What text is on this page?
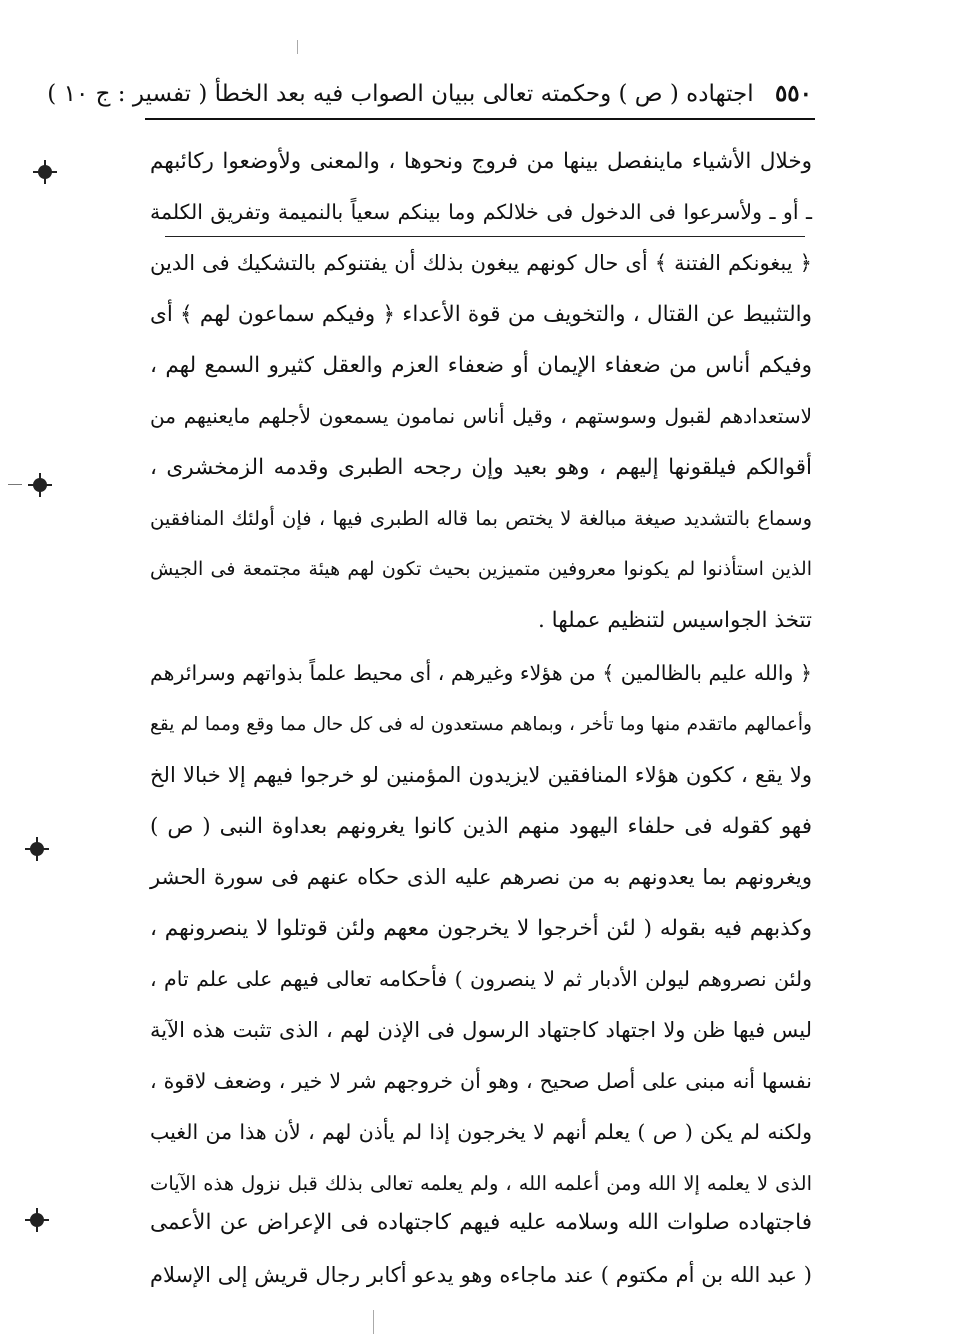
٥٥٠ اجتهاده ( ص ) وحكمته تعالى ببيان الصواب فيه بعد الخطأ ( تفسير : ج ١٠ )
وخلال الأشياء ماينفصل بينها من فروج ونحوها ، والمعنى ولأوضعوا ركائبهم
ـ أو ـ ولأسرعوا فى الدخول فى خلالكم وما بينكم سعياً بالنميمة وتفريق الكلمة
﴿ يبغونكم الفتنة ﴾ أى حال كونهم يبغون بذلك أن يفتنوكم بالتشكيك فى الدين
والتثبيط عن القتال ، والتخويف من قوة الأعداء ﴿ وفيكم سماعون لهم ﴾ أى
وفيكم أناس من ضعفاء الإيمان أو ضعفاء العزم والعقل كثيرو السمع لهم ،
لاستعدادهم لقبول وسوستهم ، وقيل أناس نمامون يسمعون لأجلهم مايعنيهم من
أقوالكم فيلقونها إليهم ، وهو بعيد وإن رجحه الطبرى وقدمه الزمخشرى ،
وسماع بالتشديد صيغة مبالغة لا يختص بما قاله الطبرى فيها ، فإن أولئك المنافقين
الذين استأذنوا لم يكونوا معروفين متميزين بحيث تكون لهم هيئة مجتمعة فى الجيش
تتخذ الجواسيس لتنظيم عملها .
﴿ والله عليم بالظالمين ﴾ من هؤلاء وغيرهم ، أى محيط علماً بذواتهم وسرائرهم
وأعمالهم ماتقدم منها وما تأخر ، وبماهم مستعدون له فى كل حال مما وقع ومما لم يقع
ولا يقع ، ككون هؤلاء المنافقين لايزيدون المؤمنين لو خرجوا فيهم إلا خبالا الخ
فهو كقوله فى حلفاء اليهود منهم الذين كانوا يغرونهم بعداوة النبى ( ص )
ويغرونهم بما يعدونهم به من نصرهم عليه الذى حكاه عنهم فى سورة الحشر
وكذبهم فيه بقوله ( لئن أخرجوا لا يخرجون معهم ولئن قوتلوا لا ينصرونهم ،
ولئن نصروهم ليولن الأدبار ثم لا ينصرون ) فأحكامه تعالى فيهم على علم تام ،
ليس فيها ظن ولا اجتهاد كاجتهاد الرسول فى الإذن لهم ، الذى تثبت هذه الآية
نفسها أنه مبنى على أصل صحيح ، وهو أن خروجهم شر لا خير ، وضعف لاقوة ،
ولكنه لم يكن ( ص ) يعلم أنهم لا يخرجون إذا لم يأذن لهم ، لأن هذا من الغيب
الذى لا يعلمه إلا الله ومن أعلمه الله ، ولم يعلمه تعالى بذلك قبل نزول هذه الآيات
فاجتهاده صلوات الله وسلامه عليه فيهم كاجتهاده فى الإعراض عن الأعمى
( عبد الله بن أم مكتوم ) عند ماجاءه وهو يدعو أكابر رجال قريش إلى الإسلام
